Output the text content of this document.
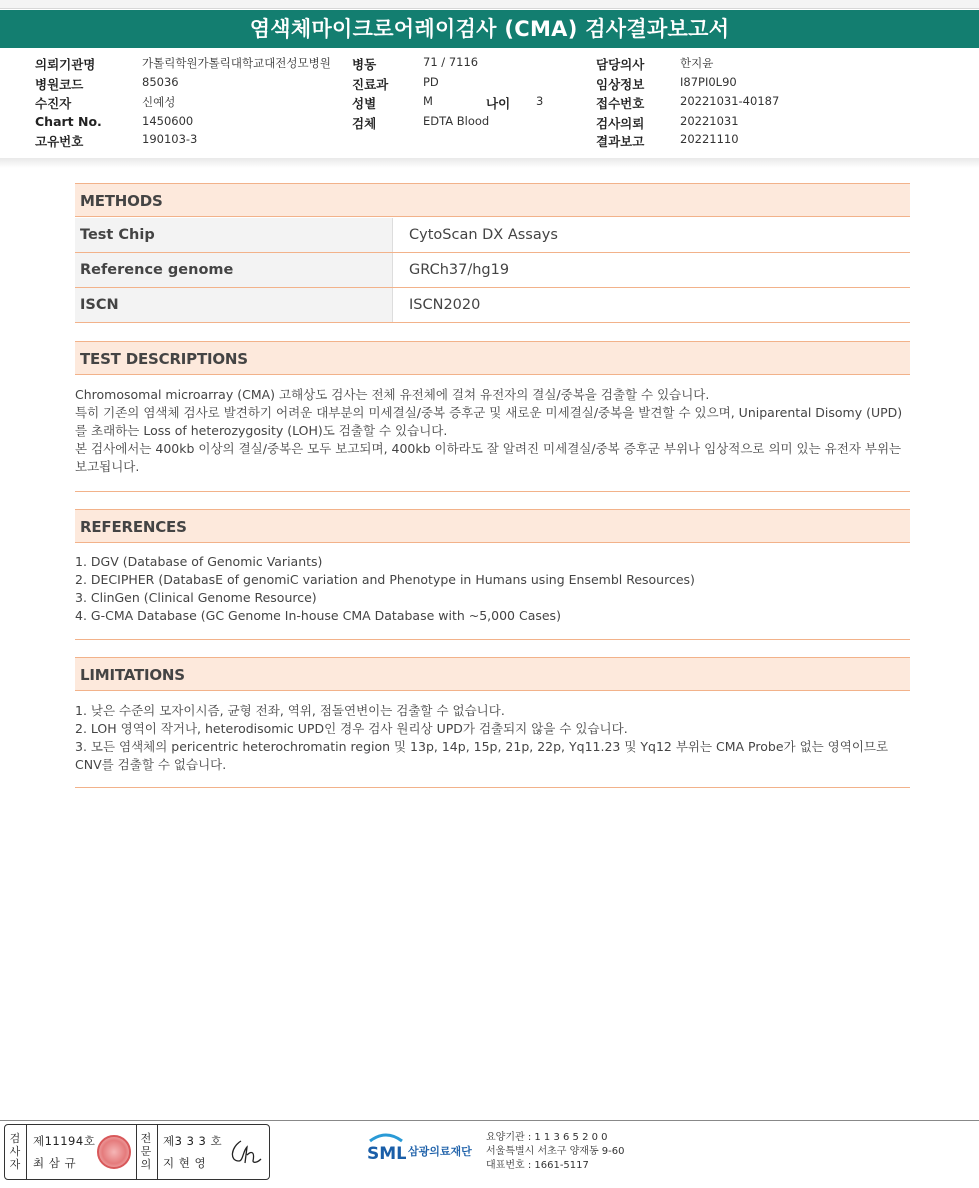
염색체마이크로어레이검사 (CMA) 검사결과보고서
의뢰기관명	가톨릭학원가톨릭대학교대전성모병원 병동	71 / 7116	담당의사	한지윤
병원코드	85036	진료과	PD	임상정보	I87PI0L90
수진자	신예성	성별	M	나이 3	접수번호	20221031-40187
Chart No.	1450600	검체	EDTA Blood	검사의뢰	20221031
고유번호	190103-3	결과보고	20221110
METHODS
Test Chip	CytoScan DX Assays
Reference genome	GRCh37/hg19
ISCN	ISCN2020
TEST DESCRIPTIONS

Chromosomal microarray (CMA) 고해상도 검사는 전체 유전체에 걸쳐 유전자의 결실/중복을 검출할 수 있습니다.

특히 기존의 염색체 검사로 발견하기 어려운 대부분의 미세결실/중복 증후군 및 새로운 미세결실/중복을 발견할 수 있으며, Uniparental Disomy (UPD)를 초래하는 Loss of heterozygosity (LOH)도 검출할 수 있습니다.

본 검사에서는 400kb 이상의 결실/중복은 모두 보고되며, 400kb 이하라도 잘 알려진 미세결실/중복 증후군 부위나 임상적으로 의미 있는 유전자 부위는 보고됩니다.

REFERENCES

1. DGV (Database of Genomic Variants)

2. DECIPHER (DatabasE of genomiC variation and Phenotype in Humans using Ensembl Resources)

3. ClinGen (Clinical Genome Resource)

4. G-CMA Database (GC Genome In-house CMA Database with ~5,000 Cases)

LIMITATIONS

1. 낮은 수준의 모자이시즘, 균형 전좌, 역위, 점돌연변이는 검출할 수 없습니다.

2. LOH 영역이 작거나, heterodisomic UPD인 경우 검사 원리상 UPD가 검출되지 않을 수 있습니다.

3. 모든 염색체의 pericentric heterochromatin region 및 13p, 14p, 15p, 21p, 22p, Yq11.23 및 Yq12 부위는 CMA Probe가 없는 영역이므로 CNV를 검출할 수 없습니다.

검
사
자
제11194호
최 삼 규
전
문
의
제3 3 3 호
지 현 영	SML 삼광의료재단
요양기관 : 1 1 3 6 5 2 0 0
서울특별시 서초구 양재동 9-60
대표번호 : 1661-5117
